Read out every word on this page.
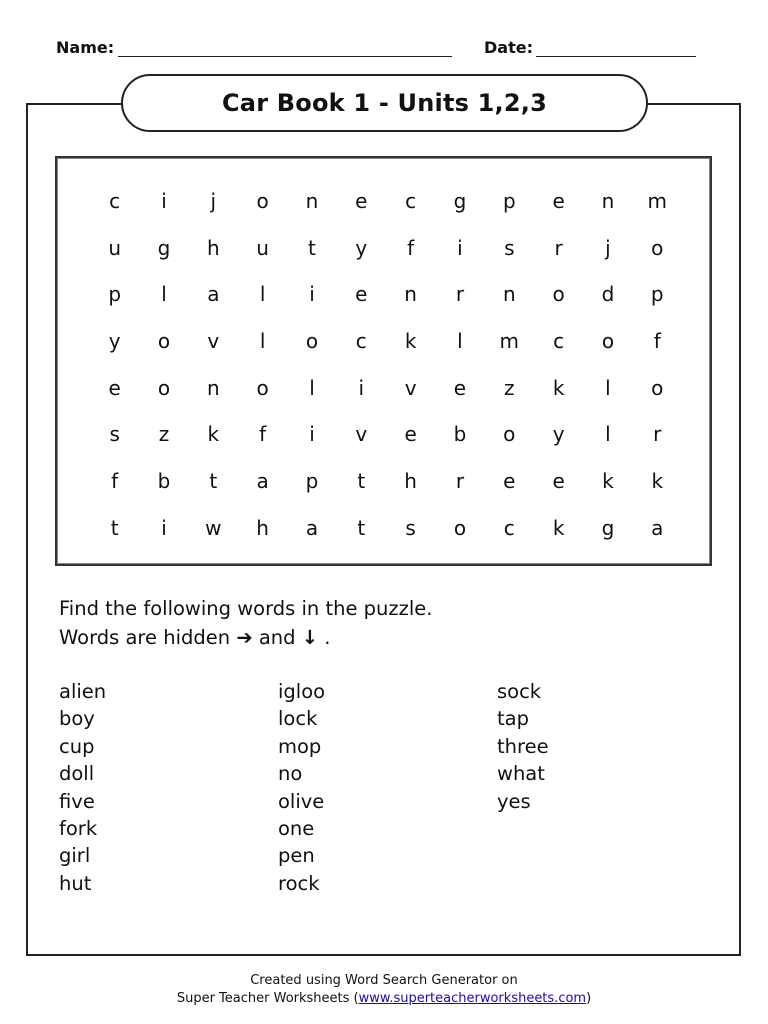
Name:	Date:
Car Book 1 - Units 1,2,3
c	i	j	o	n	e	c	g	p	e	n	m
u	g	h	u	t	y	f	i	s	r	j	o
p	l	a	l	i	e	n	r	n	o	d	p
y	o	v	l	o	c	k	l	m	c	o	f
e	o	n	o	l	i	v	e	z	k	l	o
s	z	k	f	i	v	e	b	o	y	l	r
f	b	t	a	p	t	h	r	e	e	k	k
t	i	w	h	a	t	s	o	c	k	g	a
Find the following words in the puzzle.
Words are hidden ➔ and ↓ .
alien
boy
cup
doll
five
fork
girl
hut
igloo
lock
mop
no
olive
one
pen
rock
sock
tap
three
what
yes
Created using Word Search Generator on
Super Teacher Worksheets (www.superteacherworksheets.com)
